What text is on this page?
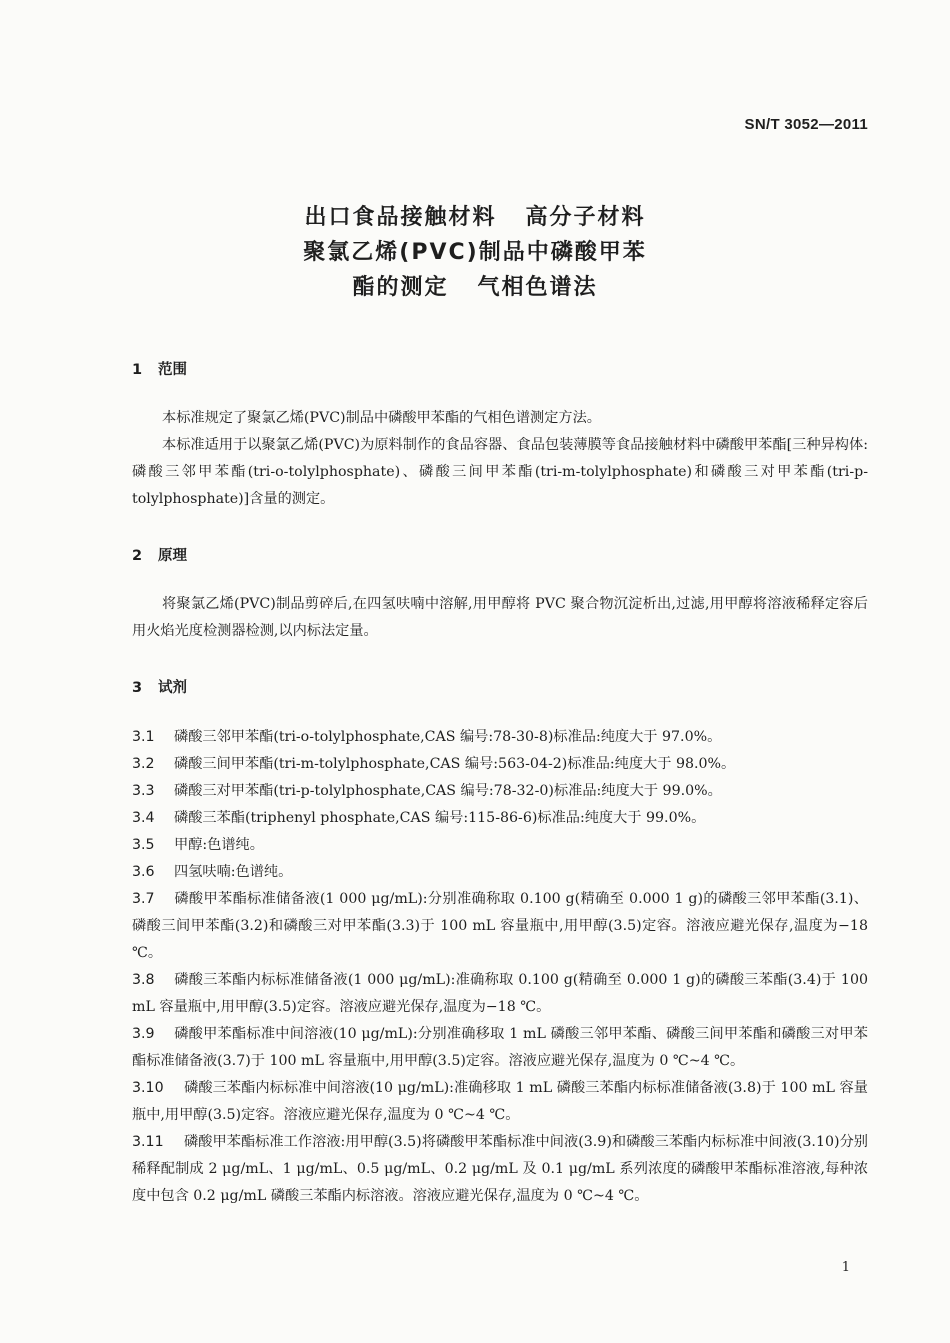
SN/T 3052—2011
出口食品接触材料   高分子材料
聚氯乙烯(PVC)制品中磷酸甲苯
酯的测定   气相色谱法
1 范围

本标准规定了聚氯乙烯(PVC)制品中磷酸甲苯酯的气相色谱测定方法。

本标准适用于以聚氯乙烯(PVC)为原料制作的食品容器、食品包装薄膜等食品接触材料中磷酸甲苯酯[三种异构体:磷酸三邻甲苯酯(tri-o-tolylphosphate)、磷酸三间甲苯酯(tri-m-tolylphosphate)和磷酸三对甲苯酯(tri-p-tolylphosphate)]含量的测定。

2 原理

将聚氯乙烯(PVC)制品剪碎后,在四氢呋喃中溶解,用甲醇将 PVC 聚合物沉淀析出,过滤,用甲醇将溶液稀释定容后用火焰光度检测器检测,以内标法定量。

3 试剂

3.1 磷酸三邻甲苯酯(tri-o-tolylphosphate,CAS 编号:78-30-8)标准品:纯度大于 97.0%。

3.2 磷酸三间甲苯酯(tri-m-tolylphosphate,CAS 编号:563-04-2)标准品:纯度大于 98.0%。

3.3 磷酸三对甲苯酯(tri-p-tolylphosphate,CAS 编号:78-32-0)标准品:纯度大于 99.0%。

3.4 磷酸三苯酯(triphenyl phosphate,CAS 编号:115-86-6)标准品:纯度大于 99.0%。

3.5 甲醇:色谱纯。

3.6 四氢呋喃:色谱纯。

3.7 磷酸甲苯酯标准储备液(1 000 μg/mL):分别准确称取 0.100 g(精确至 0.000 1 g)的磷酸三邻甲苯酯(3.1)、磷酸三间甲苯酯(3.2)和磷酸三对甲苯酯(3.3)于 100 mL 容量瓶中,用甲醇(3.5)定容。溶液应避光保存,温度为−18 ℃。

3.8 磷酸三苯酯内标标准储备液(1 000 μg/mL):准确称取 0.100 g(精确至 0.000 1 g)的磷酸三苯酯(3.4)于 100 mL 容量瓶中,用甲醇(3.5)定容。溶液应避光保存,温度为−18 ℃。

3.9 磷酸甲苯酯标准中间溶液(10 μg/mL):分别准确移取 1 mL 磷酸三邻甲苯酯、磷酸三间甲苯酯和磷酸三对甲苯酯标准储备液(3.7)于 100 mL 容量瓶中,用甲醇(3.5)定容。溶液应避光保存,温度为 0 ℃~4 ℃。

3.10 磷酸三苯酯内标标准中间溶液(10 μg/mL):准确移取 1 mL 磷酸三苯酯内标标准储备液(3.8)于 100 mL 容量瓶中,用甲醇(3.5)定容。溶液应避光保存,温度为 0 ℃~4 ℃。

3.11 磷酸甲苯酯标准工作溶液:用甲醇(3.5)将磷酸甲苯酯标准中间液(3.9)和磷酸三苯酯内标标准中间液(3.10)分别稀释配制成 2 μg/mL、1 μg/mL、0.5 μg/mL、0.2 μg/mL 及 0.1 μg/mL 系列浓度的磷酸甲苯酯标准溶液,每种浓度中包含 0.2 μg/mL 磷酸三苯酯内标溶液。溶液应避光保存,温度为 0 ℃~4 ℃。

1
